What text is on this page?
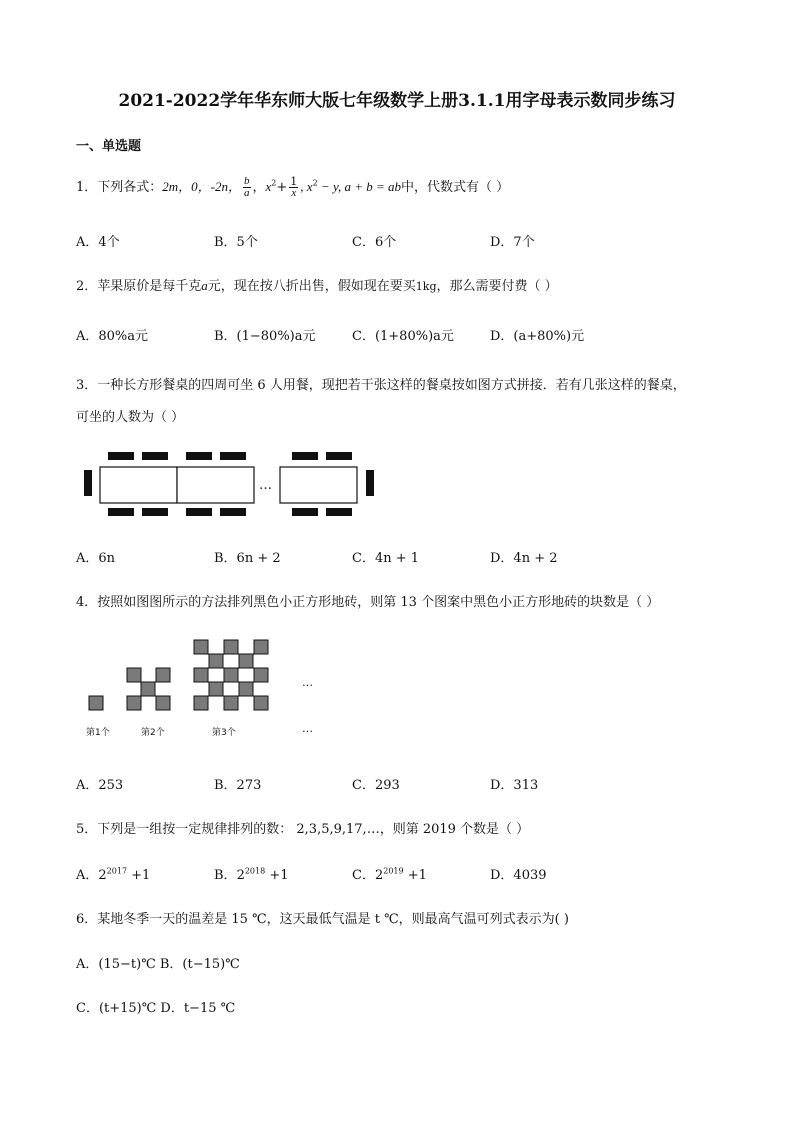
2021-2022学年华东师大版七年级数学上册3.1.1用字母表示数同步练习
一、单选题
1．下列各式：2m，0，-2n， $\frac{b}{a}$ ，$x^2+ \frac{1}{x}$ , $x^2 - y$, a + b = ab中，代数式有（ ）
A．4个	B．5个	C．6个	D．7个
2．苹果原价是每千克a元，现在按八折出售，假如现在要买1kg，那么需要付费（ ）
A．80%a元	B．(1−80%)a元	C．(1+80%)a元	D．(a+80%)元
3．一种长方形餐桌的四周可坐 6 人用餐，现把若干张这样的餐桌按如图方式拼接．若有几张这样的餐桌，
可坐的人数为（ ）
…
A．6n	B．6n + 2	C．4n + 1	D．4n + 2
4．按照如图图所示的方法排列黑色小正方形地砖，则第 13 个图案中黑色小正方形地砖的块数是（ ）
第1个	第2个	第3个
…
…
A．253	B．273	C．293	D．313
5．下列是一组按一定规律排列的数： 2,3,5,9,17,…，则第 2019 个数是（ ）
A．$2^{2017} +1$	B．$2^{2018} +1$	C．$2^{2019} +1$	D．4039
6．某地冬季一天的温差是 15 ℃，这天最低气温是 t ℃，则最高气温可列式表示为( )
A．(15−t)℃ B．(t−15)℃
C．(t+15)℃ D．t−15 ℃
